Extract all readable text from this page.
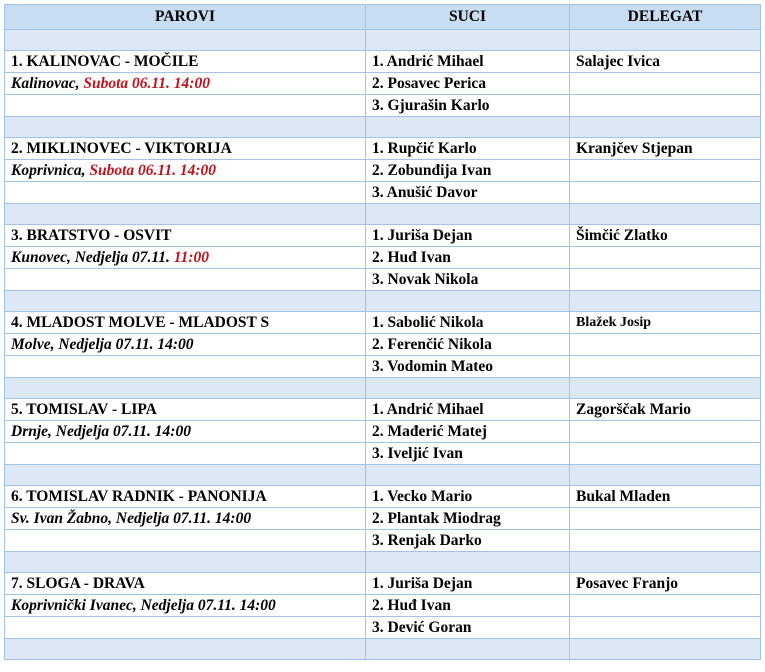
PAROVI	SUCI	DELEGAT

1. KALINOVAC - MOČILE	1. Andrić Mihael	Salajec Ivica
Kalinovac, Subota 06.11. 14:00	2. Posavec Perica	
	3. Gjurašin Karlo	

2. MIKLINOVEC - VIKTORIJA	1. Rupčić Karlo	Kranjčev Stjepan
Koprivnica, Subota 06.11. 14:00	2. Zobunđija Ivan	
	3. Anušić Davor	

3. BRATSTVO - OSVIT	1. Juriša Dejan	Šimčić Zlatko
Kunovec, Nedjelja 07.11. 11:00	2. Huđ Ivan	
	3. Novak Nikola	

4. MLADOST MOLVE - MLADOST S	1. Sabolić Nikola	Blažek Josip
Molve, Nedjelja 07.11. 14:00	2. Ferenčić Nikola	
	3. Vodomin Mateo	

5. TOMISLAV - LIPA	1. Andrić Mihael	Zagorščak Mario
Drnje, Nedjelja 07.11. 14:00	2. Mađerić Matej	
	3. Iveljić Ivan	

6. TOMISLAV RADNIK - PANONIJA	1. Vecko Mario	Bukal Mladen
Sv. Ivan Žabno, Nedjelja 07.11. 14:00	2. Plantak Miodrag	
	3. Renjak Darko	

7. SLOGA - DRAVA	1. Juriša Dejan	Posavec Franjo
Koprivnički Ivanec, Nedjelja 07.11. 14:00	2. Huđ Ivan	
	3. Dević Goran	
